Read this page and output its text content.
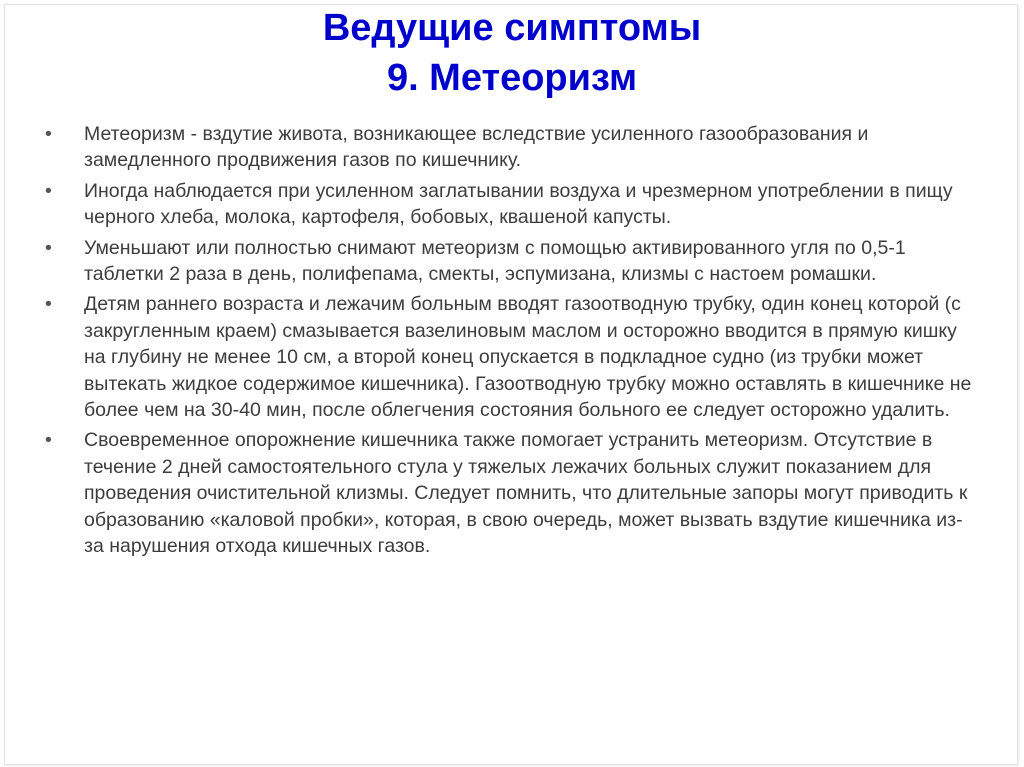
Ведущие симптомы
9. Метеоризм
• Метеоризм - вздутие живота, возникающее вследствие усиленного газообразования и замедленного продвижения газов по кишечнику.
• Иногда наблюдается при усиленном заглатывании воздуха и чрезмерном употреблении в пищу черного хлеба, молока, картофеля, бобовых, квашеной капусты.
• Уменьшают или полностью снимают метеоризм с помощью активированного угля по 0,5-1 таблетки 2 раза в день, полифепама, смекты, эспумизана, клизмы с настоем ромашки.
• Детям раннего возраста и лежачим больным вводят газоотводную трубку, один конец которой (с закругленным краем) смазывается вазелиновым маслом и осторожно вводится в прямую кишку на глубину не менее 10 см, а второй конец опускается в подкладное судно (из трубки может вытекать жидкое содержимое кишечника). Газоотводную трубку можно оставлять в кишечнике не более чем на 30-40 мин, после облегчения состояния больного ее следует осторожно удалить.
• Своевременное опорожнение кишечника также помогает устранить метеоризм. Отсутствие в течение 2 дней самостоятельного стула у тяжелых лежачих больных служит показанием для проведения очистительной клизмы. Следует помнить, что длительные запоры могут приводить к образованию «каловой пробки», которая, в свою очередь, может вызвать вздутие кишечника из-за нарушения отхода кишечных газов.
